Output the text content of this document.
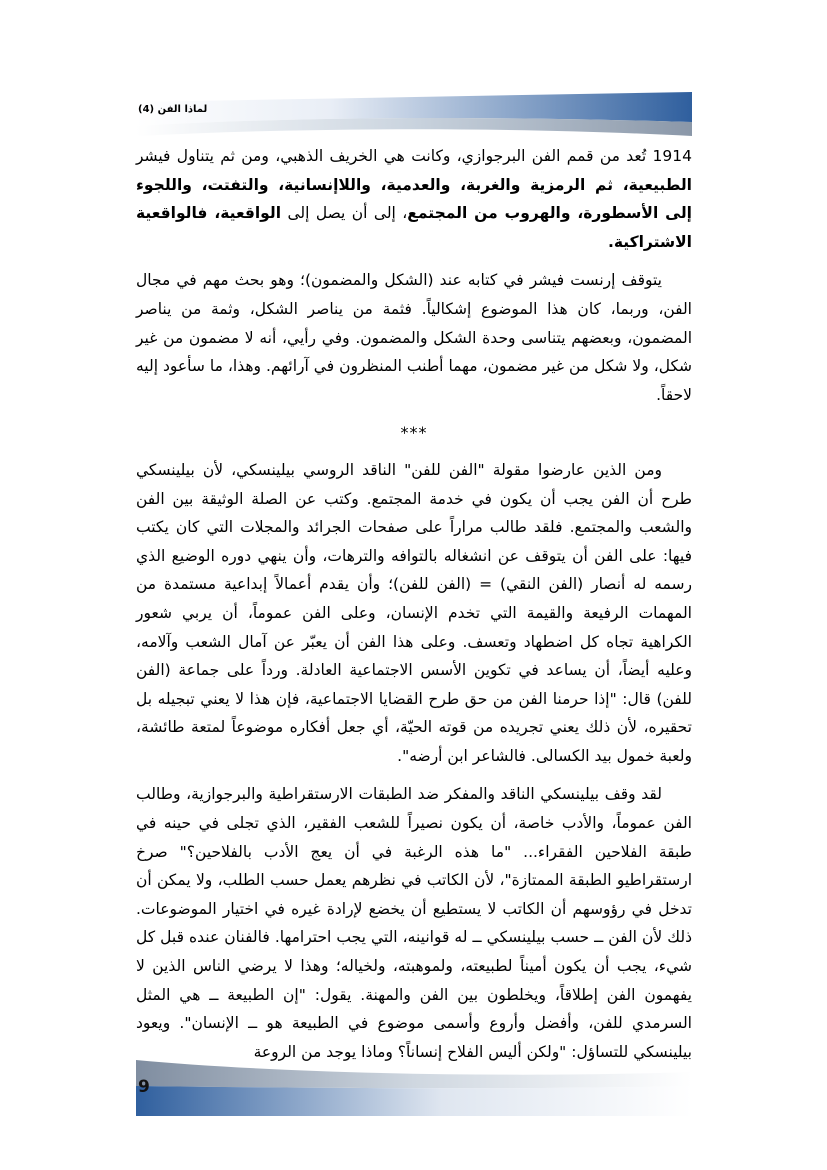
لماذا الفن (4)

1914 تُعد من قمم الفن البرجوازي، وكانت هي الخريف الذهبي، ومن ثم يتناول فيشر الطبيعية، ثم الرمزية والغربة، والعدمية، واللاإنسانية، والتفتت، واللجوء إلى الأسطورة، والهروب من المجتمع، إلى أن يصل إلى الواقعية، فالواقعية الاشتراكية.

يتوقف إرنست فيشر في كتابه عند (الشكل والمضمون)؛ وهو بحث مهم في مجال الفن، وربما، كان هذا الموضوع إشكالياً. فثمة من يناصر الشكل، وثمة من يناصر المضمون، وبعضهم يتناسى وحدة الشكل والمضمون. وفي رأيي، أنه لا مضمون من غير شكل، ولا شكل من غير مضمون، مهما أطنب المنظرون في آرائهم. وهذا، ما سأعود إليه لاحقاً.

***

ومن الذين عارضوا مقولة "الفن للفن" الناقد الروسي بيلينسكي، لأن بيلينسكي طرح أن الفن يجب أن يكون في خدمة المجتمع. وكتب عن الصلة الوثيقة بين الفن والشعب والمجتمع. فلقد طالب مراراً على صفحات الجرائد والمجلات التي كان يكتب فيها: على الفن أن يتوقف عن انشغاله بالتوافه والترهات، وأن ينهي دوره الوضيع الذي رسمه له أنصار (الفن النقي) = (الفن للفن)؛ وأن يقدم أعمالاً إبداعية مستمدة من المهمات الرفيعة والقيمة التي تخدم الإنسان، وعلى الفن عموماً، أن يربي شعور الكراهية تجاه كل اضطهاد وتعسف. وعلى هذا الفن أن يعبّر عن آمال الشعب وآلامه، وعليه أيضاً، أن يساعد في تكوين الأسس الاجتماعية العادلة. ورداً على جماعة (الفن للفن) قال: "إذا حرمنا الفن من حق طرح القضايا الاجتماعية، فإن هذا لا يعني تبجيله بل تحقيره، لأن ذلك يعني تجريده من قوته الحيّة، أي جعل أفكاره موضوعاً لمتعة طائشة، ولعبة خمول بيد الكسالى. فالشاعر ابن أرضه".

لقد وقف بيلينسكي الناقد والمفكر ضد الطبقات الارستقراطية والبرجوازية، وطالب الفن عموماً، والأدب خاصة، أن يكون نصيراً للشعب الفقير، الذي تجلى في حينه في طبقة الفلاحين الفقراء... "ما هذه الرغبة في أن يعج الأدب بالفلاحين؟" صرخ ارستقراطيو الطبقة الممتازة"، لأن الكاتب في نظرهم يعمل حسب الطلب، ولا يمكن أن تدخل في رؤوسهم أن الكاتب لا يستطيع أن يخضع لإرادة غيره في اختيار الموضوعات. ذلك لأن الفن ــ حسب بيلينسكي ــ له قوانينه، التي يجب احترامها. فالفنان عنده قبل كل شيء، يجب أن يكون أميناً لطبيعته، ولموهبته، ولخياله؛ وهذا لا يرضي الناس الذين لا يفهمون الفن إطلاقاً، ويخلطون بين الفن والمهنة. يقول: "إن الطبيعة ــ هي المثل السرمدي للفن، وأفضل وأروع وأسمى موضوع في الطبيعة هو ــ الإنسان". ويعود بيلينسكي للتساؤل: "ولكن أليس الفلاح إنساناً؟ وماذا يوجد من الروعة

9
